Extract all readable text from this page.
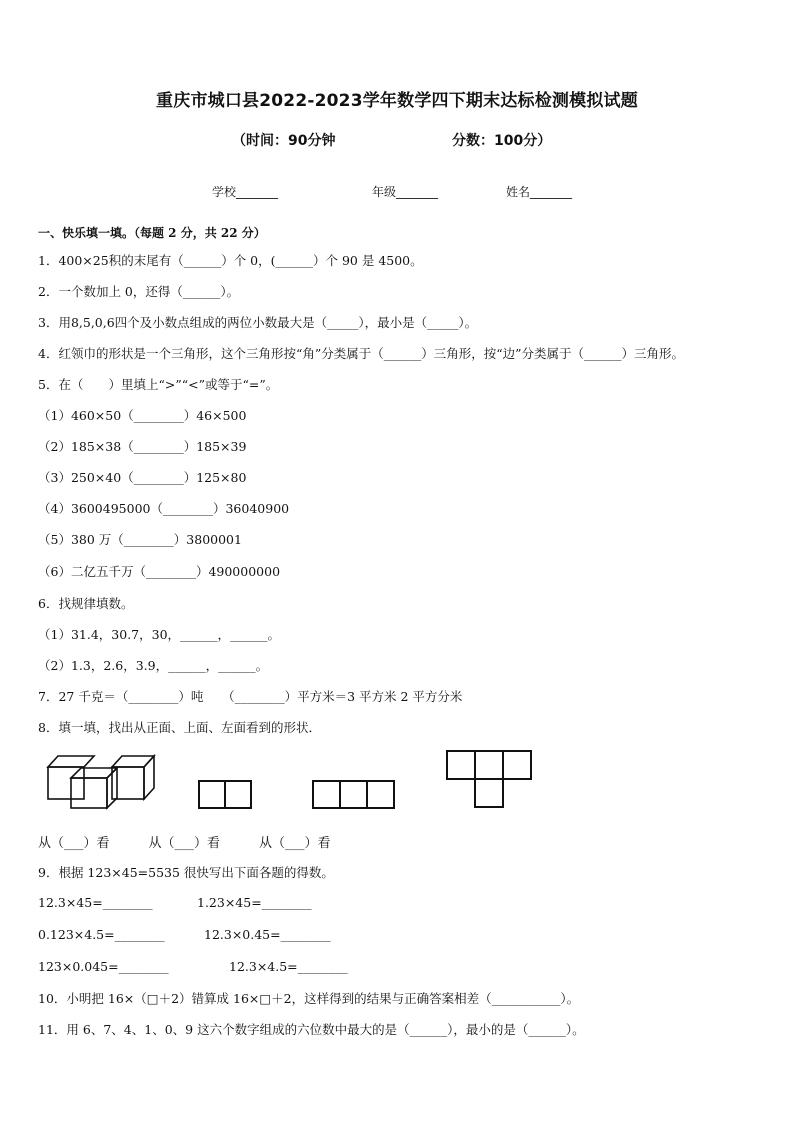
重庆市城口县2022-2023学年数学四下期末达标检测模拟试题
（时间：90分钟	分数：100分）
学校_______	年级_______	姓名_______
一、快乐填一填。（每题 2 分，共 22 分）
1．400×25积的末尾有（______）个 0，(______）个 90 是 4500。
2．一个数加上 0，还得（______）。
3．用8,5,0,6四个及小数点组成的两位小数最大是（_____），最小是（_____）。
4．红领巾的形状是一个三角形，这个三角形按“角”分类属于（______）三角形，按“边”分类属于（______）三角形。
5．在（　　）里填上“>”“<”或等于“=”。
（1）460×50（________）46×500
（2）185×38（________）185×39
（3）250×40（________）125×80
（4）3600495000（________）36040900
（5）380 万（________）3800001
（6）二亿五千万（________）490000000
6．找规律填数。
（1）31.4，30.7，30，______，______。
（2）1.3，2.6，3.9，______，______。
7．27 千克＝（________）吨　　（________）平方米＝3 平方米 2 平方分米
8．填一填，找出从正面、上面、左面看到的形状．
从（___）看　　　从（___）看　　　从（___）看
9．根据 123×45=5535 很快写出下面各题的得数。
12.3×45=________	1.23×45=________
0.123×4.5=________	12.3×0.45=________
123×0.045=________	12.3×4.5=________
10．小明把 16×（□＋2）错算成 16×□＋2，这样得到的结果与正确答案相差（___________）。
11．用 6、7、4、1、0、9 这六个数字组成的六位数中最大的是（______），最小的是（______）。
